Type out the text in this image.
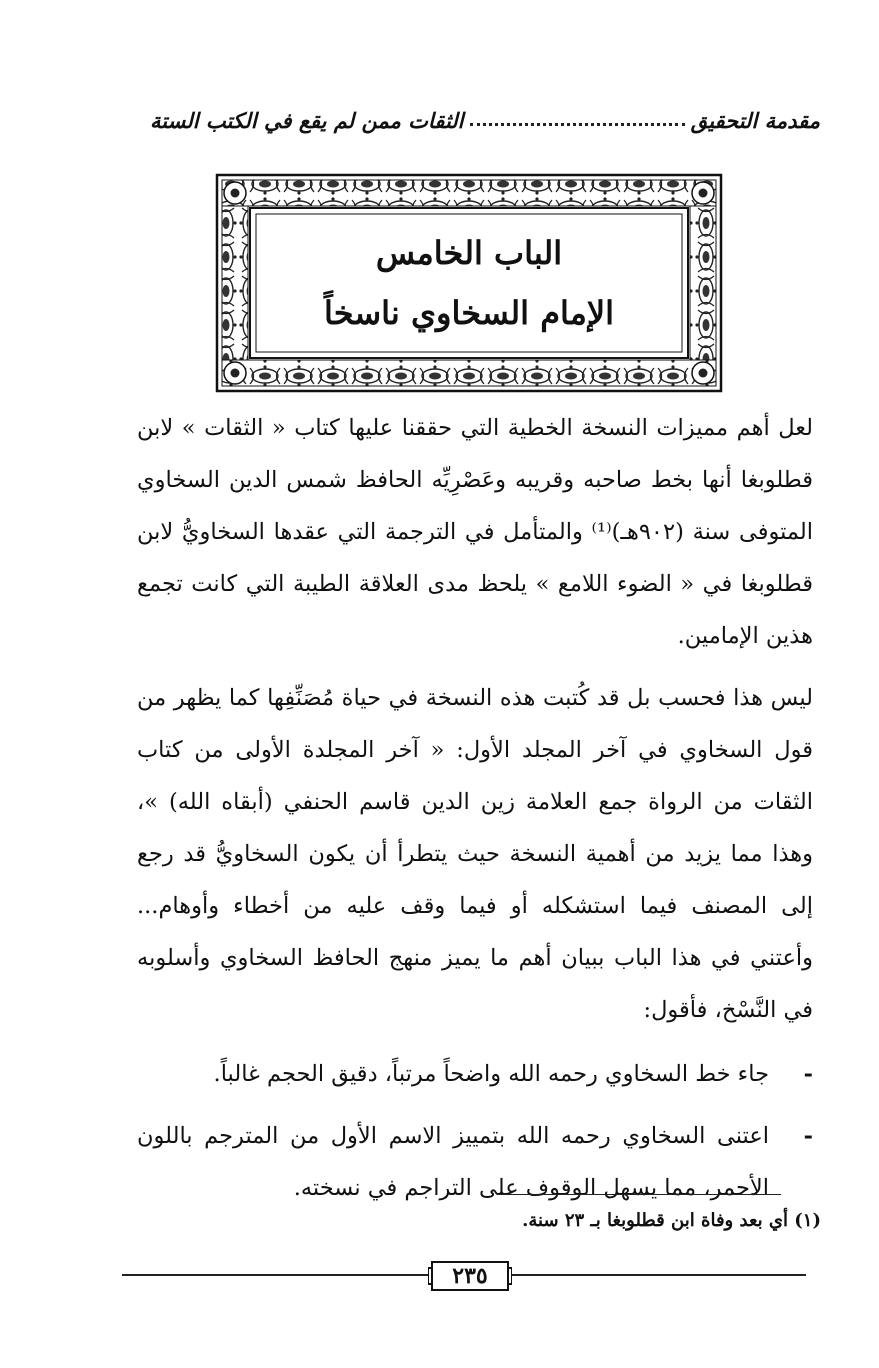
مقدمة التحقيق
الثقات ممن لم يقع في الكتب الستة
الباب الخامس
الإمام السخاوي ناسخاً

لعل أهم مميزات النسخة الخطية التي حققنا عليها كتاب « الثقات » لابن قطلوبغا أنها بخط صاحبه وقريبه وعَصْرِيِّه الحافظ شمس الدين السخاوي المتوفى سنة (٩٠٢هـ)⁽¹⁾ والمتأمل في الترجمة التي عقدها السخاويُّ لابن قطلوبغا في « الضوء اللامع » يلحظ مدى العلاقة الطيبة التي كانت تجمع هذين الإمامين.

ليس هذا فحسب بل قد كُتبت هذه النسخة في حياة مُصَنِّفِها كما يظهر من قول السخاوي في آخر المجلد الأول: « آخر المجلدة الأولى من كتاب الثقات من الرواة جمع العلامة زين الدين قاسم الحنفي (أبقاه الله) »، وهذا مما يزيد من أهمية النسخة حيث يتطرأ أن يكون السخاويُّ قد رجع إلى المصنف فيما استشكله أو فيما وقف عليه من أخطاء وأوهام... وأعتني في هذا الباب ببيان أهم ما يميز منهج الحافظ السخاوي وأسلوبه في النَّسْخ، فأقول:

-
جاء خط السخاوي رحمه الله واضحاً مرتباً، دقيق الحجم غالباً.
-
اعتنى السخاوي رحمه الله بتمييز الاسم الأول من المترجم باللون الأحمر، مما يسهل الوقوف على التراجم في نسخته.
(١) أي بعد وفاة ابن قطلوبغا بـ ٢٣ سنة.
٢٣٥
